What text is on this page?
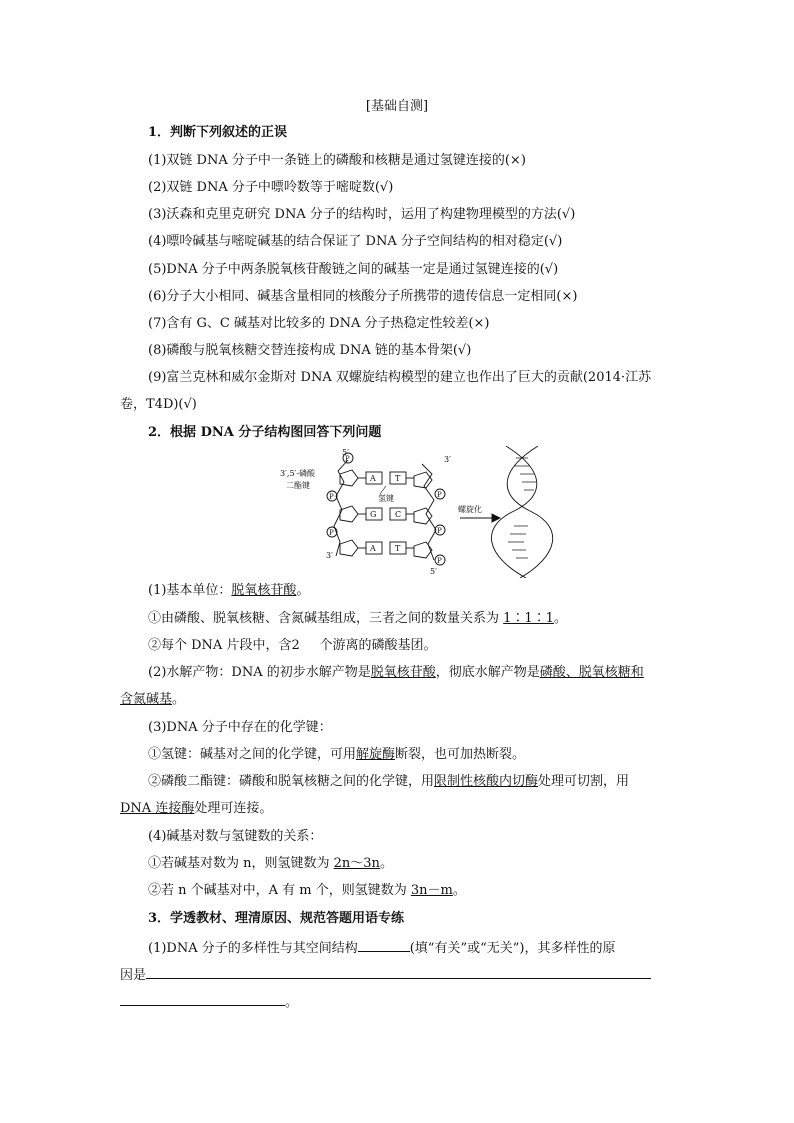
[基础自测]
1．判断下列叙述的正误
(1)双链 DNA 分子中一条链上的磷酸和核糖是通过氢键连接的(×)
(2)双链 DNA 分子中嘌呤数等于嘧啶数(√)
(3)沃森和克里克研究 DNA 分子的结构时，运用了构建物理模型的方法(√)
(4)嘌呤碱基与嘧啶碱基的结合保证了 DNA 分子空间结构的相对稳定(√)
(5)DNA 分子中两条脱氧核苷酸链之间的碱基一定是通过氢键连接的(√)
(6)分子大小相同、碱基含量相同的核酸分子所携带的遗传信息一定相同(×)
(7)含有 G、C 碱基对比较多的 DNA 分子热稳定性较差(×)
(8)磷酸与脱氧核糖交替连接构成 DNA 链的基本骨架(√)
(9)富兰克林和威尔金斯对 DNA 双螺旋结构模型的建立也作出了巨大的贡献(2014·江苏
卷，T4D)(√)
2．根据 DNA 分子结构图回答下列问题
5′
3′
3′,5′-磷酸
二酯键
氢键
3′
5′
螺旋化
A
G
A
T
C
T
P
P
P
P
P
P
(1)基本单位：脱氧核苷酸。
①由磷酸、脱氧核糖、含氮碱基组成，三者之间的数量关系为 1∶1∶1。
②每个 DNA 片段中，含2 个游离的磷酸基团。
(2)水解产物：DNA 的初步水解产物是脱氧核苷酸，彻底水解产物是磷酸、脱氧核糖和
含氮碱基。
(3)DNA 分子中存在的化学键：
①氢键：碱基对之间的化学键，可用解旋酶断裂，也可加热断裂。
②磷酸二酯键：磷酸和脱氧核糖之间的化学键，用限制性核酸内切酶处理可切割，用
DNA 连接酶处理可连接。
(4)碱基对数与氢键数的关系：
①若碱基对数为 n，则氢键数为 2n～3n。
②若 n 个碱基对中，A 有 m 个，则氢键数为 3n－m。
3．学透教材、理清原因、规范答题用语专练
(1)DNA 分子的多样性与其空间结构	(填“有关”或“无关”)，其多样性的原
因是
。
